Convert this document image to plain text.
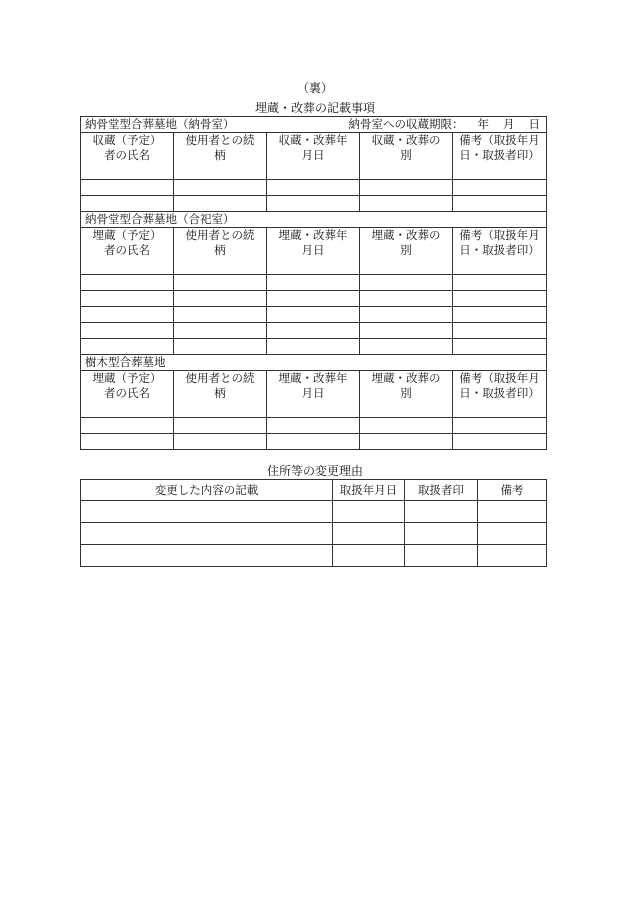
（裏）
埋蔵・改葬の記載事項
納骨堂型合葬墓地（納骨室） 納骨室への収蔵期限： 年 月 日				

収蔵（予定）者の氏名	使用者との続柄	収蔵・改葬年月日	収蔵・改葬の別	備考（取扱年月日・取扱者印）

納骨堂型合葬墓地（合祀室）				
埋蔵（予定）者の氏名	使用者との続柄	埋蔵・改葬年月日	埋蔵・改葬の別	備考（取扱年月日・取扱者印）

樹木型合葬墓地				
埋蔵（予定）者の氏名	使用者との続柄	埋蔵・改葬年月日	埋蔵・改葬の別	備考（取扱年月日・取扱者印）

住所等の変更理由
変更した内容の記載	取扱年月日	取扱者印	備考
